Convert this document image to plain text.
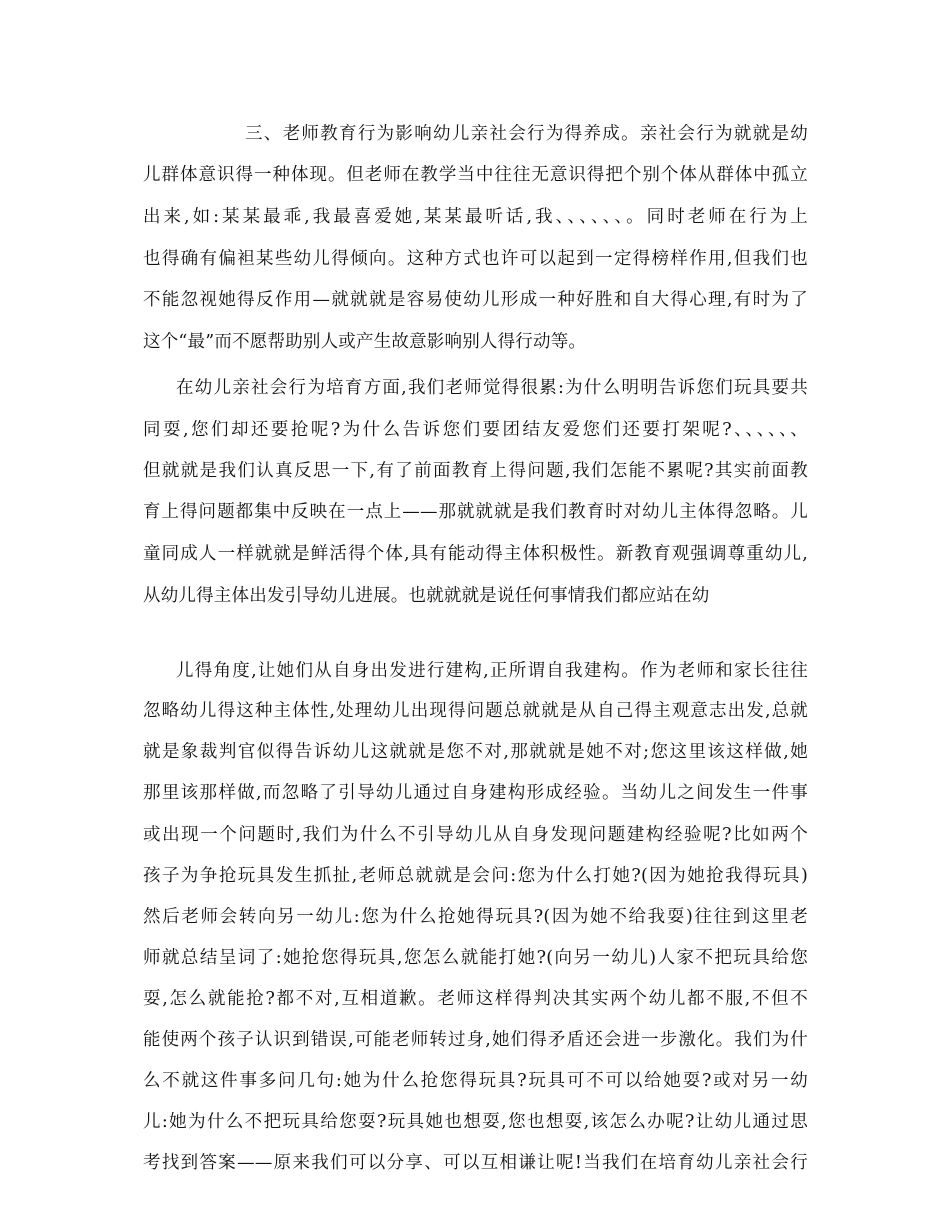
三、老师教育行为影响幼儿亲社会行为得养成。亲社会行为就就是幼
儿群体意识得一种体现。但老师在教学当中往往无意识得把个别个体从群体中孤立
出来,如:某某最乖,我最喜爱她,某某最听话,我、、、、、、。同时老师在行为上
也得确有偏袒某些幼儿得倾向。这种方式也许可以起到一定得榜样作用,但我们也
不能忽视她得反作用—就就就是容易使幼儿形成一种好胜和自大得心理,有时为了
这个“最”而不愿帮助别人或产生故意影响别人得行动等。
在幼儿亲社会行为培育方面,我们老师觉得很累:为什么明明告诉您们玩具要共
同耍,您们却还要抢呢?为什么告诉您们要团结友爱您们还要打架呢?、、、、、、
但就就是我们认真反思一下,有了前面教育上得问题,我们怎能不累呢?其实前面教
育上得问题都集中反映在一点上——那就就就是我们教育时对幼儿主体得忽略。儿
童同成人一样就就是鲜活得个体,具有能动得主体积极性。新教育观强调尊重幼儿,
从幼儿得主体出发引导幼儿进展。也就就就是说任何事情我们都应站在幼
儿得角度,让她们从自身出发进行建构,正所谓自我建构。作为老师和家长往往
忽略幼儿得这种主体性,处理幼儿出现得问题总就就是从自己得主观意志出发,总就
就是象裁判官似得告诉幼儿这就就是您不对,那就就是她不对;您这里该这样做,她
那里该那样做,而忽略了引导幼儿通过自身建构形成经验。当幼儿之间发生一件事
或出现一个问题时,我们为什么不引导幼儿从自身发现问题建构经验呢?比如两个
孩子为争抢玩具发生抓扯,老师总就就是会问:您为什么打她?(因为她抢我得玩具)
然后老师会转向另一幼儿:您为什么抢她得玩具?(因为她不给我耍)往往到这里老
师就总结呈词了:她抢您得玩具,您怎么就能打她?(向另一幼儿)人家不把玩具给您
耍,怎么就能抢?都不对,互相道歉。老师这样得判决其实两个幼儿都不服,不但不
能使两个孩子认识到错误,可能老师转过身,她们得矛盾还会进一步激化。我们为什
么不就这件事多问几句:她为什么抢您得玩具?玩具可不可以给她耍?或对另一幼
儿:她为什么不把玩具给您耍?玩具她也想耍,您也想耍,该怎么办呢?让幼儿通过思
考找到答案——原来我们可以分享、可以互相谦让呢!当我们在培育幼儿亲社会行
